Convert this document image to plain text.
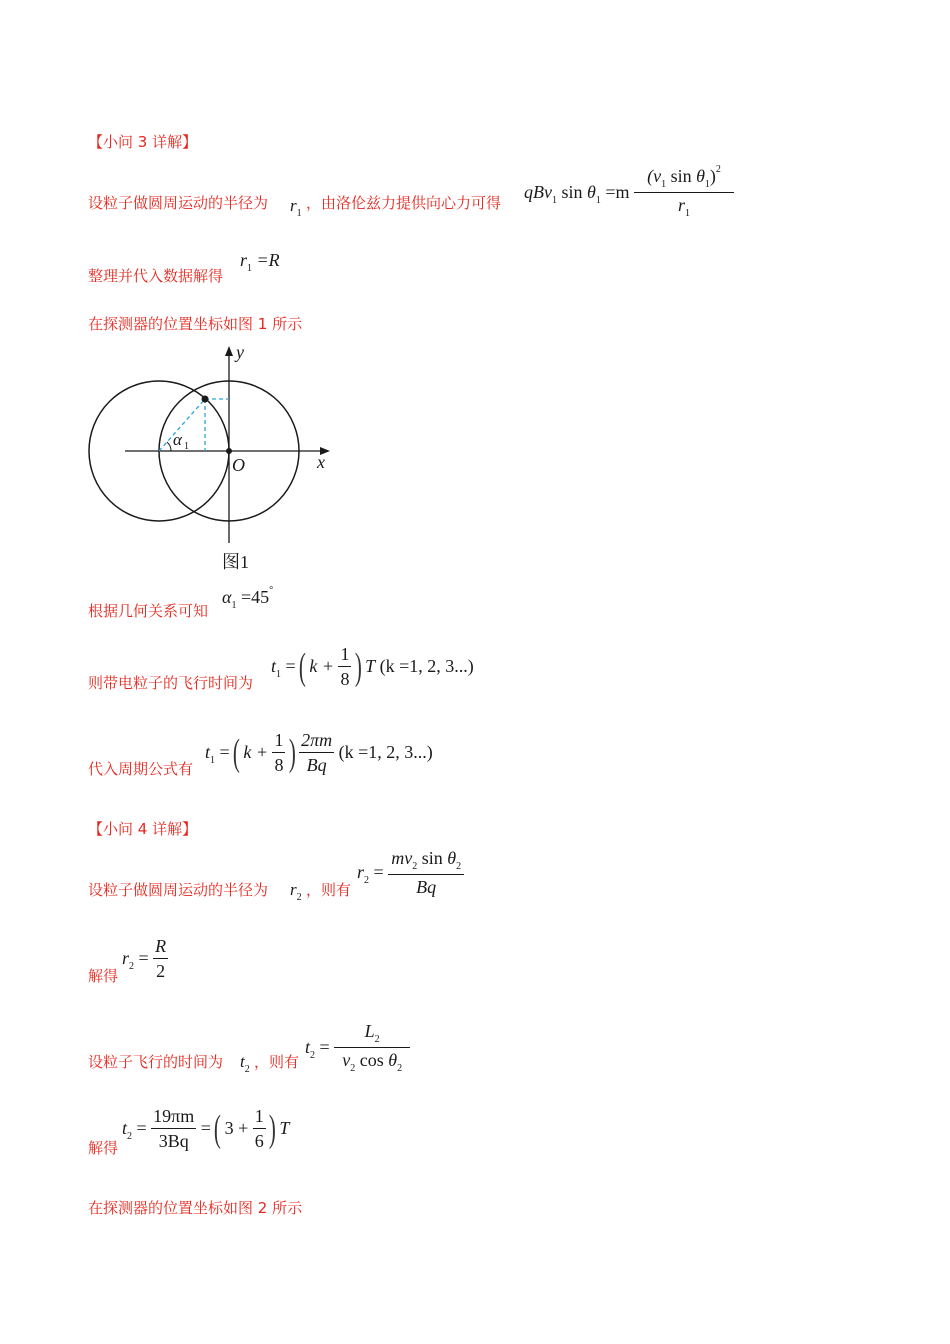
【小问 3 详解】
设粒子做圆周运动的半径为 $r_1$
，由洛伦兹力提供向心力可得
qBv$_1$ $\sin \theta_1 =m \frac{(v_1 \sin \theta_1)^2}{r_1}$
整理并代入数据解得
$r_1 =R$
在探测器的位置坐标如图 1 所示
y
x
O
α 1
图1
根据几何关系可知
$\alpha_1 =45^\circ$
则带电粒子的飞行时间为
$t_1$ = ( $k + \frac{1}{8}$ ) T (k =1, 2, 3...)
代入周期公式有
$t_1$ = ( $k + \frac{1}{8}$ ) $\frac{2\pi m}{Bq} (k =1$, 2, 3...)
【小问 4 详解】
设粒子做圆周运动的半径为 $r_2$ ，则有
$r_2 = \frac{mv_2 \sin \theta_2}{Bq}$
解得
$r_2 = \frac{R}{2}$
设粒子飞行的时间为 $t_2$ ，则有
$t_2 = \frac{L_2}{v_2 \cos \theta_2}$
解得
$t_2 = \frac{19\pi m}{3Bq}$ = ( $3 + \frac{1}{6}$ ) T
在探测器的位置坐标如图 2 所示
